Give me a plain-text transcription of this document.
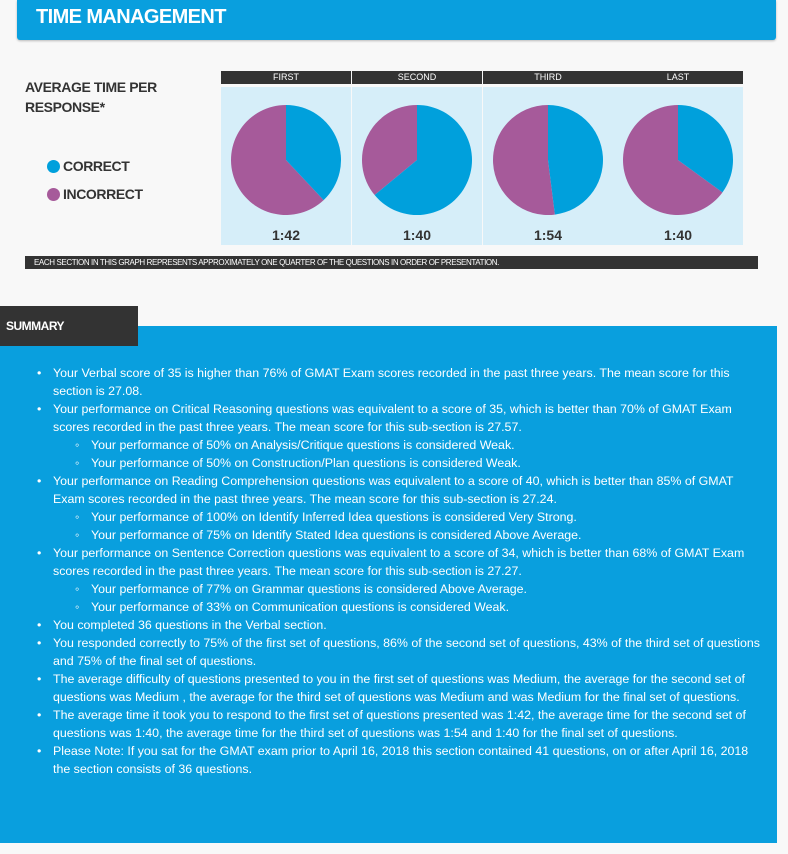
TIME MANAGEMENT
AVERAGE TIME PER RESPONSE*
CORRECT
INCORRECT
FIRST
1:42
SECOND
1:40
THIRD
1:54
LAST
1:40
EACH SECTION IN THIS GRAPH REPRESENTS APPROXIMATELY ONE QUARTER OF THE QUESTIONS IN ORDER OF PRESENTATION.
• Your Verbal score of 35 is higher than 76% of GMAT Exam scores recorded in the past three years. The mean score for this section is 27.08.
• Your performance on Critical Reasoning questions was equivalent to a score of 35, which is better than 70% of GMAT Exam scores recorded in the past three years. The mean score for this sub-section is 27.57.
◦ Your performance of 50% on Analysis/Critique questions is considered Weak.
◦ Your performance of 50% on Construction/Plan questions is considered Weak.
• Your performance on Reading Comprehension questions was equivalent to a score of 40, which is better than 85% of GMAT Exam scores recorded in the past three years. The mean score for this sub-section is 27.24.
◦ Your performance of 100% on Identify Inferred Idea questions is considered Very Strong.
◦ Your performance of 75% on Identify Stated Idea questions is considered Above Average.
• Your performance on Sentence Correction questions was equivalent to a score of 34, which is better than 68% of GMAT Exam scores recorded in the past three years. The mean score for this sub-section is 27.27.
◦ Your performance of 77% on Grammar questions is considered Above Average.
◦ Your performance of 33% on Communication questions is considered Weak.
• You completed 36 questions in the Verbal section.
• You responded correctly to 75% of the first set of questions, 86% of the second set of questions, 43% of the third set of questions and 75% of the final set of questions.
• The average difficulty of questions presented to you in the first set of questions was Medium, the average for the second set of questions was Medium , the average for the third set of questions was Medium and was Medium for the final set of questions.
• The average time it took you to respond to the first set of questions presented was 1:42, the average time for the second set of questions was 1:40, the average time for the third set of questions was 1:54 and 1:40 for the final set of questions.
• Please Note: If you sat for the GMAT exam prior to April 16, 2018 this section contained 41 questions, on or after April 16, 2018 the section consists of 36 questions.
SUMMARY
